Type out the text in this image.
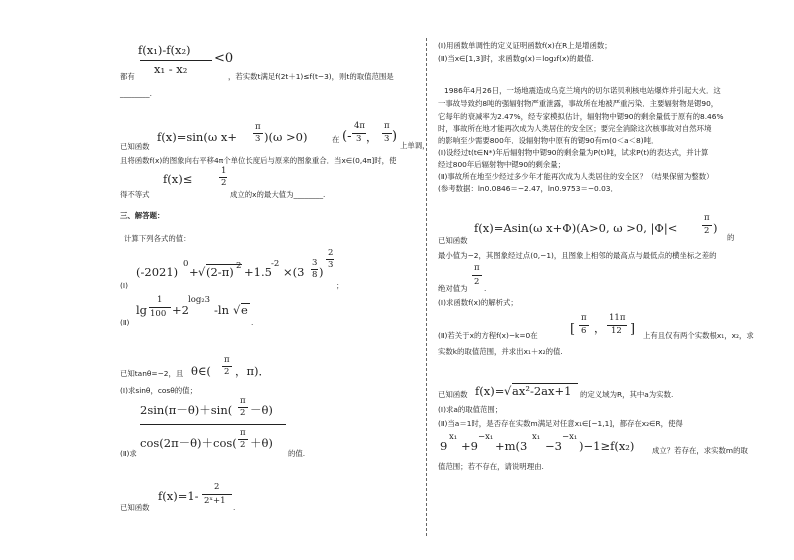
f(x₁)-f(x₂)
x₁ - x₂
<0
都有	，若实数t满足f(2t＋1)≤f(t−3)，则t的取值范围是
________.
f(x)=sin(ω x+
π
3 )(ω >0)	在 (-
4π
3 ，
π
3 )
上单调，
已知函数
且将函数f(x)的图象向右平移4π个单位长度后与原来的图象重合．当x∈(0,4π]时，使
f(x)≤
1
2
得不等式	成立的x的最大值为________.
三、解答题：
计算下列各式的值：
(-2021)
0
+ √ (2-π) 2 +1.5
-2
×(3
3
8 )
2
3
；
(Ⅰ)
lg
1
100 +2
log₂3
-ln √ e
.
(Ⅱ)
已知tanθ=−2，且 θ∈(
π
2 ，π)．
(Ⅰ)求sinθ，cosθ的值；
2sin(π－θ)＋sin(
π
2 －θ)
cos(2π－θ)＋cos(
π
2 ＋θ)
(Ⅱ)求	的值.
f(x)=1-
2
2ˣ+1
.
已知函数
(Ⅰ)用函数单调性的定义证明函数f(x)在R上是增函数；
(Ⅱ)当x∈[1,3]时，求函数g(x)＝log₂f(x)的最值.
1986年4月26日，一场地震造成乌克兰境内的切尔诺贝利核电站爆炸并引起大火．这
一事故导致约8吨的强辐射物严重泄露，事故所在地被严重污染．主要辐射物是锶90，
它每年的衰减率为2.47%，经专家模拟估计，辐射物中锶90的剩余量低于原有的8.46%
时，事故所在地才能再次成为人类居住的安全区；要完全消除这次核事故对自然环境
的影响至少需要800年．设辐射物中原有的锶90有m(0＜a＜8)吨．
(Ⅰ)设经过t(t∈N*)年后辐射物中锶90的剩余量为P(t)吨，试求P(t)的表达式，并计算
经过800年后辐射物中锶90的剩余量；
(Ⅱ)事故所在地至少经过多少年才能再次成为人类居住的安全区？（结果保留为整数）
(参考数据：ln0.0846＝−2.47，ln0.9753＝−0.03．
f(x)=Asin(ω x+Φ)(A>0, ω >0, |Φ|<
π
2 )
的
已知函数
最小值为−2，其图象经过点(0,−1)，且图象上相邻的最高点与最低点的横坐标之差的
π
2
绝对值为 .
(Ⅰ)求函数f(x)的解析式；
(Ⅱ)若关于x的方程f(x)−k=0在 [
π
6 ，
11π
12 ] 上有且仅有两个实数根x₁，x₂，求
实数k的取值范围，并求出x₁＋x₂的值.
已知函数 f(x)= √ ax²-2ax+1 的定义域为R，其中a为实数.
(Ⅰ)求a的取值范围；
(Ⅱ)当a＝1时，是否存在实数m满足对任意x₁∈[−1,1]，都存在x₂∈R，使得
9
x₁
+9
−x₁
+m(3
x₁
−3
−x₁
)−1≥f(x₂) 成立？若存在，求实数m的取
值范围；若不存在，请说明理由.
